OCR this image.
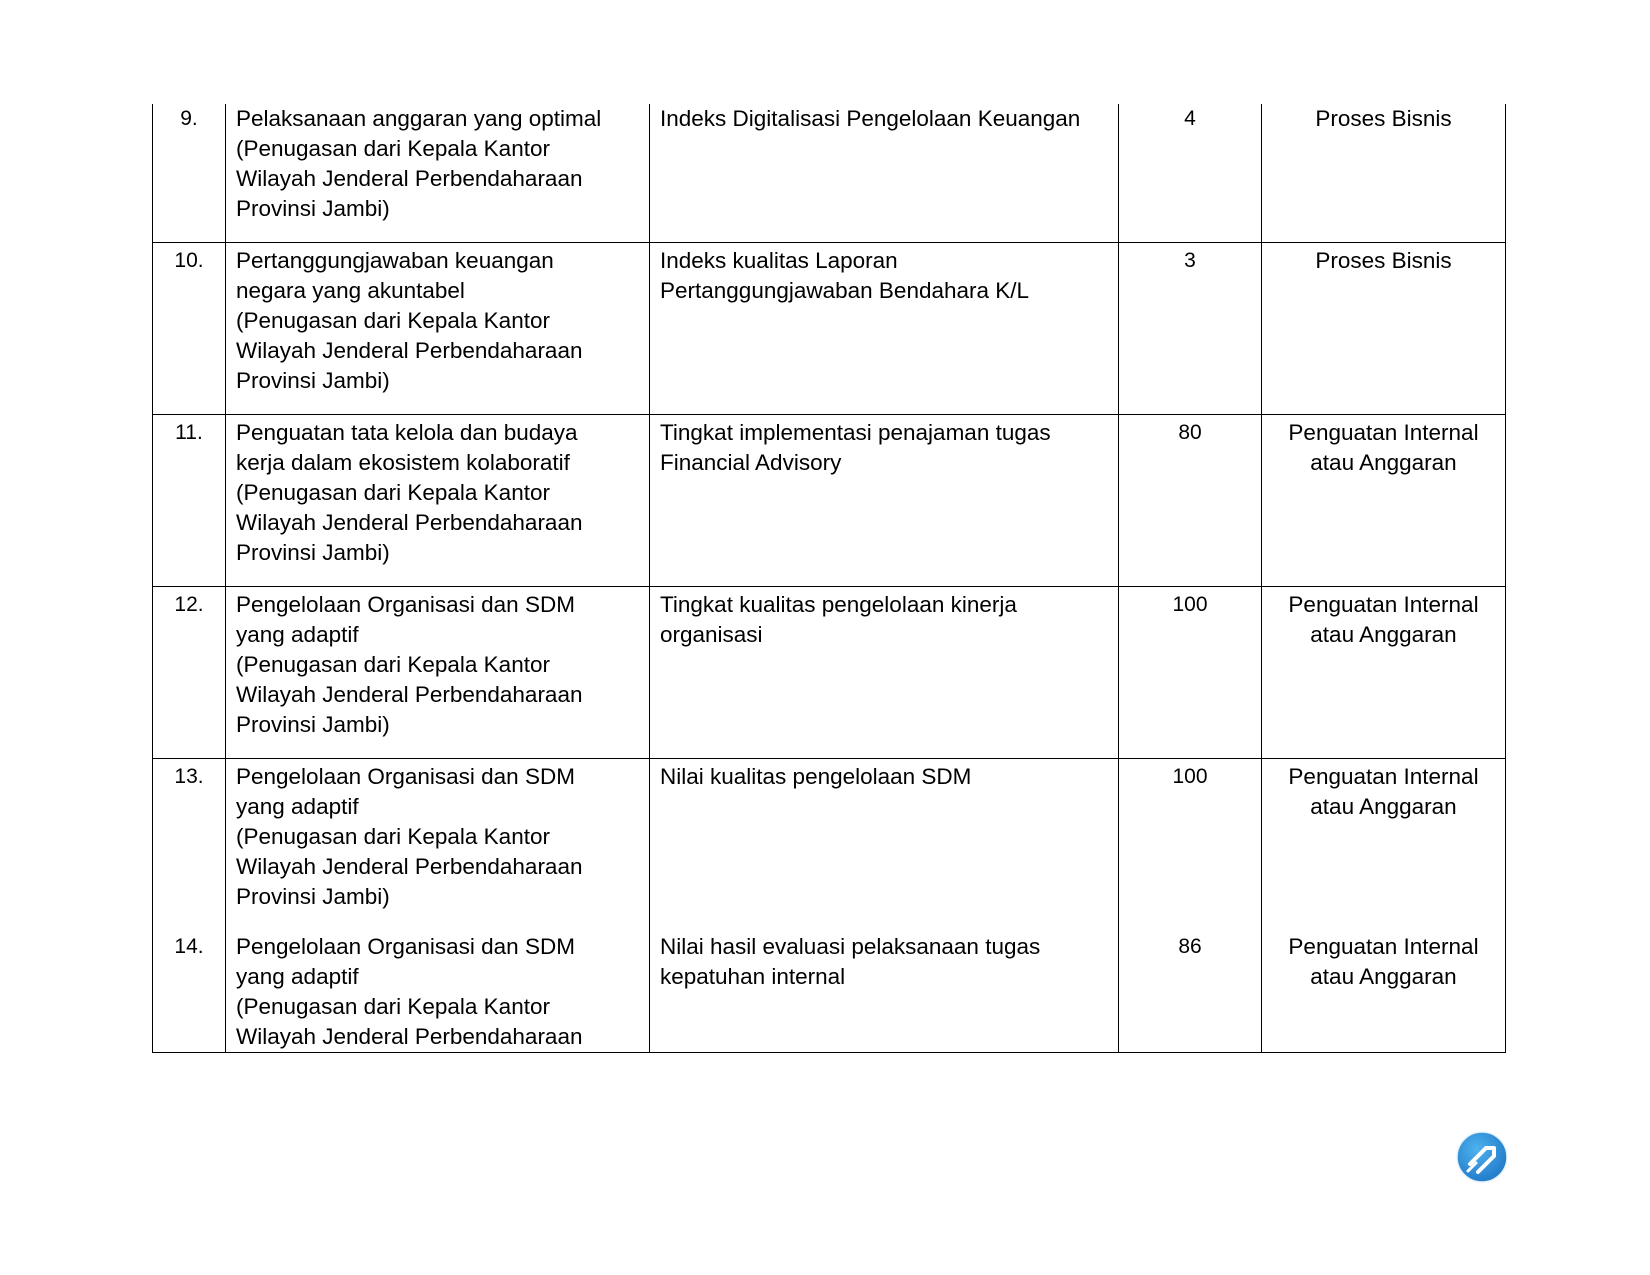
9.	Pelaksanaan anggaran yang optimal
(Penugasan dari Kepala Kantor
Wilayah Jenderal Perbendaharaan
Provinsi Jambi)	Indeks Digitalisasi Pengelolaan Keuangan	4	Proses Bisnis

10.	Pertanggungjawaban keuangan
negara yang akuntabel
(Penugasan dari Kepala Kantor
Wilayah Jenderal Perbendaharaan
Provinsi Jambi)	Indeks kualitas Laporan
Pertanggungjawaban Bendahara K/L	3	Proses Bisnis

11.	Penguatan tata kelola dan budaya
kerja dalam ekosistem kolaboratif
(Penugasan dari Kepala Kantor
Wilayah Jenderal Perbendaharaan
Provinsi Jambi)	Tingkat implementasi penajaman tugas
Financial Advisory	80	Penguatan Internal
atau Anggaran

12.	Pengelolaan Organisasi dan SDM
yang adaptif
(Penugasan dari Kepala Kantor
Wilayah Jenderal Perbendaharaan
Provinsi Jambi)	Tingkat kualitas pengelolaan kinerja
organisasi	100	Penguatan Internal
atau Anggaran

13.	Pengelolaan Organisasi dan SDM
yang adaptif
(Penugasan dari Kepala Kantor
Wilayah Jenderal Perbendaharaan
Provinsi Jambi)	Nilai kualitas pengelolaan SDM	100	Penguatan Internal
atau Anggaran

14.	Pengelolaan Organisasi dan SDM
yang adaptif
(Penugasan dari Kepala Kantor
Wilayah Jenderal Perbendaharaan	Nilai hasil evaluasi pelaksanaan tugas
kepatuhan internal	86	Penguatan Internal
atau Anggaran
